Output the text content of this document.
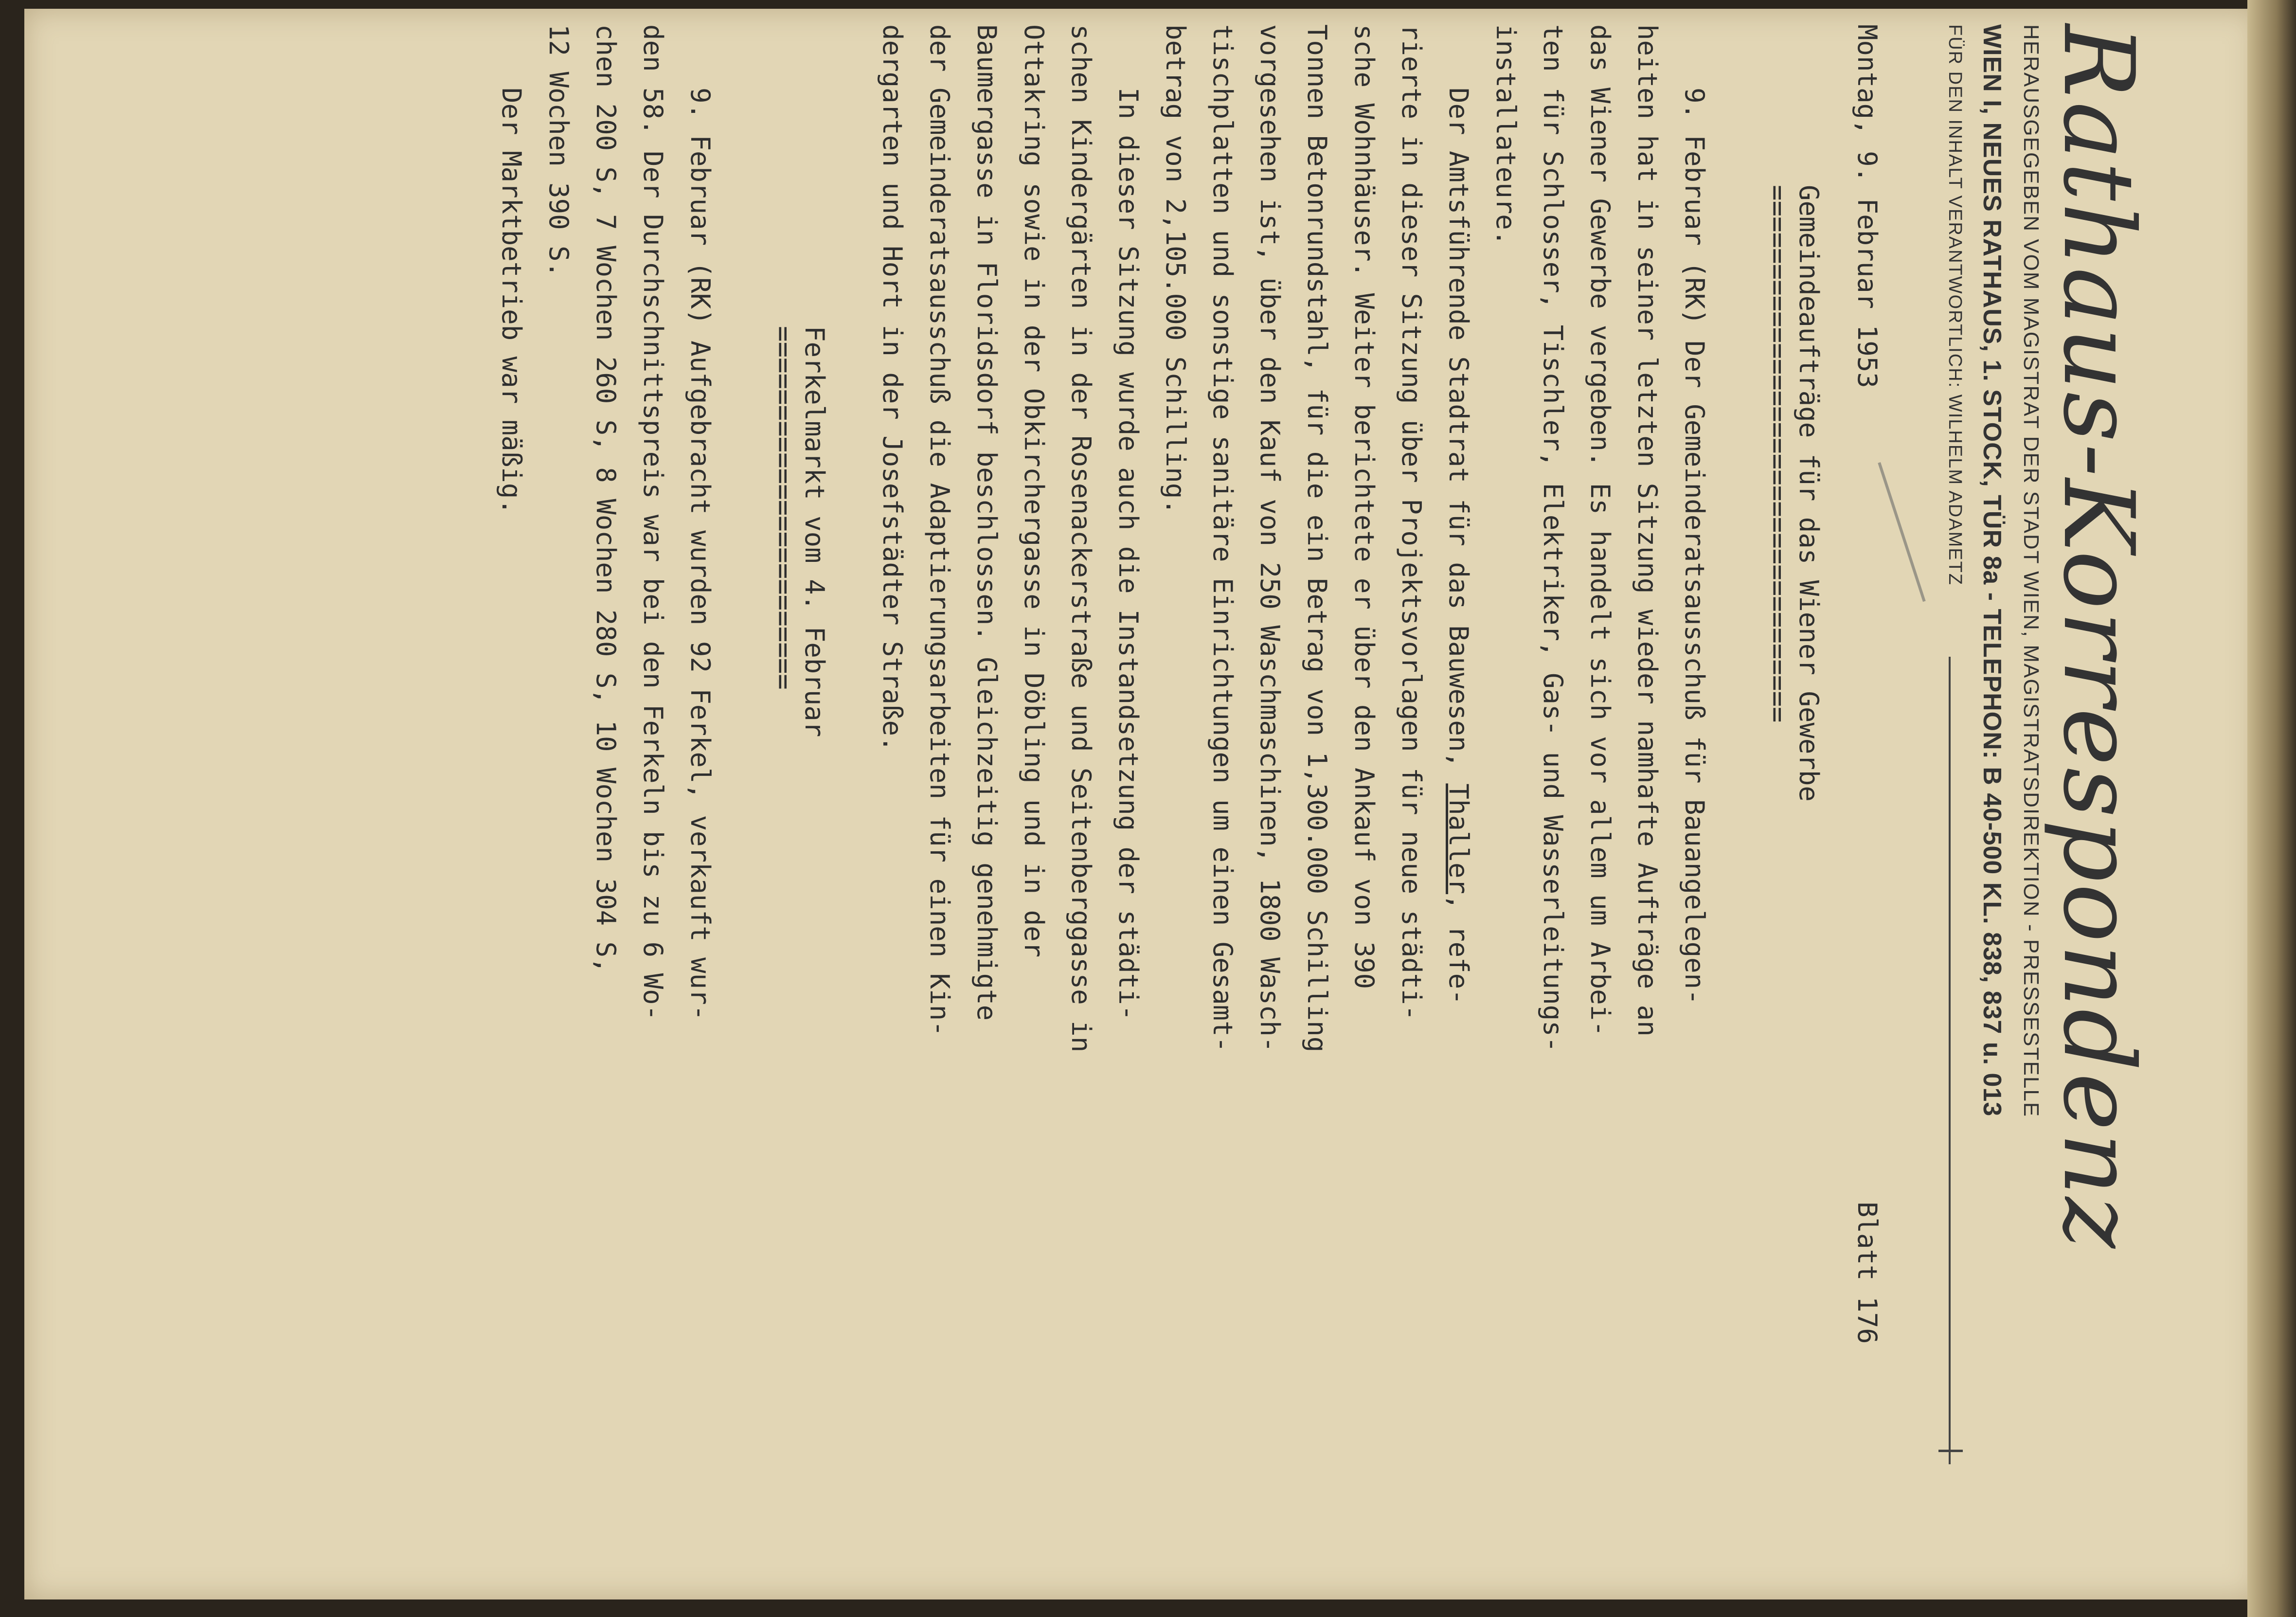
Rathaus-Korrespondenz
HERAUSGEGEBEN VOM MAGISTRAT DER STADT WIEN, MAGISTRATSDIREKTION - PRESSESTELLE
WIEN I, NEUES RATHAUS, 1. STOCK, TÜR 8a - TELEPHON: B 40-500 KL. 838, 837 u. 013
FÜR DEN INHALT VERANTWORTLICH: WILHELM ADAMETZ
Montag, 9. Februar 1953
Blatt 176
Gemeindeaufträge für das Wiener Gewerbe
==================================

9. Februar (RK) Der Gemeinderatsausschuß für Bauangelegen-
heiten hat in seiner letzten Sitzung wieder namhafte Aufträge an
das Wiener Gewerbe vergeben. Es handelt sich vor allem um Arbei-
ten für Schlosser, Tischler, Elektriker, Gas- und Wasserleitungs-
installateure.

Der Amtsführende Stadtrat für das Bauwesen, Thaller, refe-
rierte in dieser Sitzung über Projektsvorlagen für neue städti-
sche Wohnhäuser. Weiter berichtete er über den Ankauf von 390
Tonnen Betonrundstahl, für die ein Betrag von 1,300.000 Schilling
vorgesehen ist, über den Kauf von 250 Waschmaschinen, 1800 Wasch-
tischplatten und sonstige sanitäre Einrichtungen um einen Gesamt-
betrag von 2,105.000 Schilling.

In dieser Sitzung wurde auch die Instandsetzung der städti-
schen Kindergärten in der Rosenackerstraße und Seitenberggasse in
Ottakring sowie in der Obkirchergasse in Döbling und in der
Baumergasse in Floridsdorf beschlossen. Gleichzeitig genehmigte
der Gemeinderatsausschuß die Adaptierungsarbeiten für einen Kin-
dergarten und Hort in der Josefstädter Straße.

Ferkelmarkt vom 4. Februar
=======================

9. Februar (RK) Aufgebracht wurden 92 Ferkel, verkauft wur-
den 58. Der Durchschnittspreis war bei den Ferkeln bis zu 6 Wo-
chen 200 S, 7 Wochen 260 S, 8 Wochen 280 S, 10 Wochen 304 S,
12 Wochen 390 S.

Der Marktbetrieb war mäßig.
